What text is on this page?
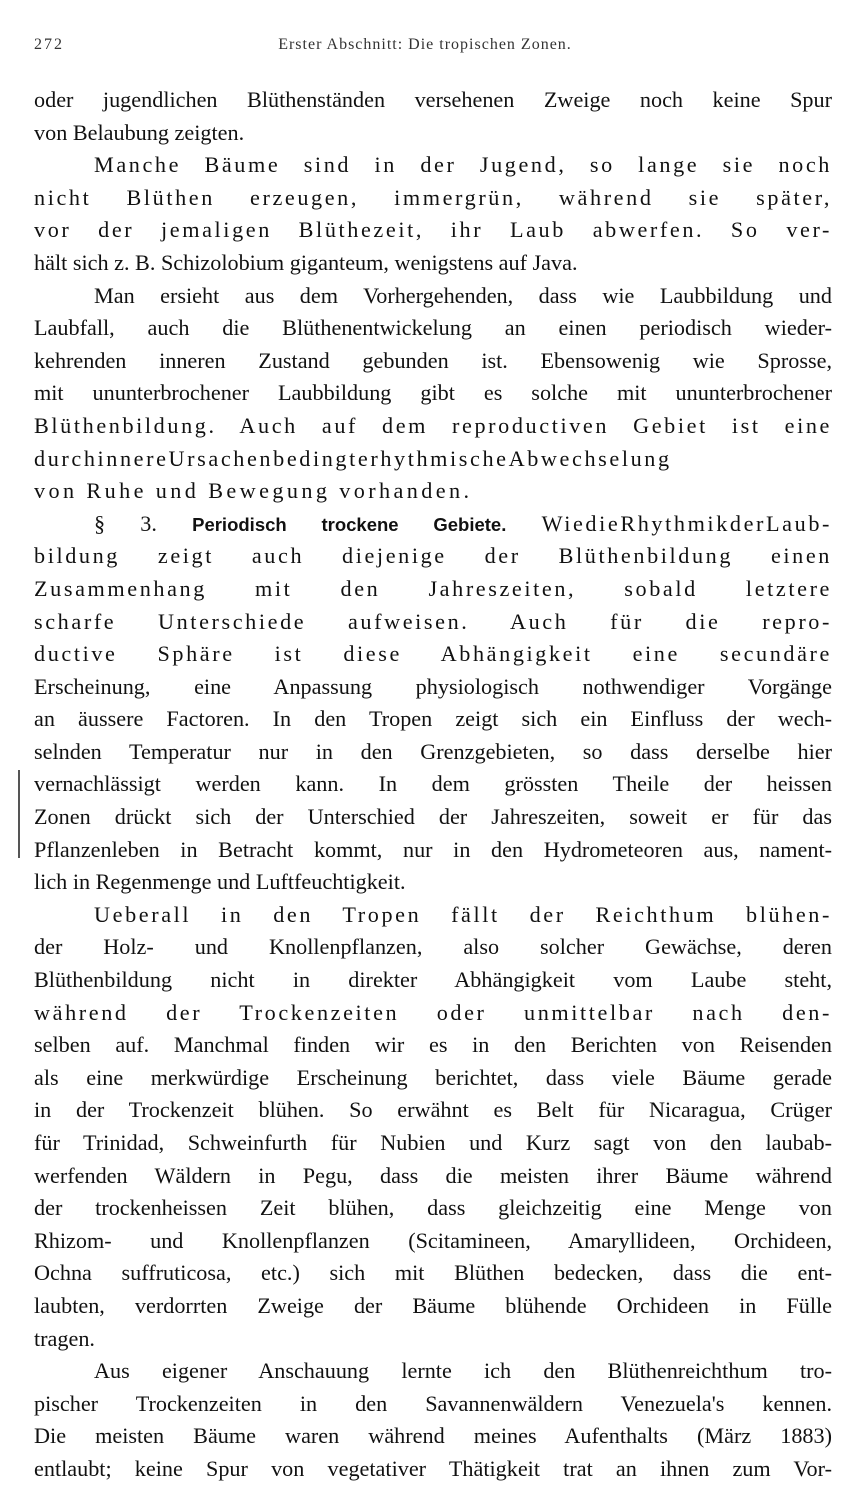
272	Erster Abschnitt: Die tropischen Zonen.
oder jugendlichen Blüthenständen versehenen Zweige noch keine Spur
von Belaubung zeigten.
Manche Bäume sind in der Jugend, so lange sie noch
nicht Blüthen erzeugen, immergrün, während sie später,
vor der jemaligen Blüthezeit, ihr Laub abwerfen. So ver-
hält sich z. B. Schizolobium giganteum, wenigstens auf Java.
Man ersieht aus dem Vorhergehenden, dass wie Laubbildung und
Laubfall, auch die Blüthenentwickelung an einen periodisch wieder-
kehrenden inneren Zustand gebunden ist. Ebensowenig wie Sprosse,
mit ununterbrochener Laubbildung gibt es solche mit ununterbrochener
Blüthenbildung. Auch auf dem reproductiven Gebiet ist eine
durchinnereUrsachenbedingterhythmischeAbwechselung
von Ruhe und Bewegung vorhanden.
§ 3. Periodisch trockene Gebiete. WiedieRhythmikderLaub-
bildung zeigt auch diejenige der Blüthenbildung einen
Zusammenhang mit den Jahreszeiten, sobald letztere
scharfe Unterschiede aufweisen. Auch für die repro-
ductive Sphäre ist diese Abhängigkeit eine secundäre
Erscheinung, eine Anpassung physiologisch nothwendiger Vorgänge
an äussere Factoren. In den Tropen zeigt sich ein Einfluss der wech-
selnden Temperatur nur in den Grenzgebieten, so dass derselbe hier
vernachlässigt werden kann. In dem grössten Theile der heissen
Zonen drückt sich der Unterschied der Jahreszeiten, soweit er für das
Pflanzenleben in Betracht kommt, nur in den Hydrometeoren aus, nament-
lich in Regenmenge und Luftfeuchtigkeit.
Ueberall in den Tropen fällt der Reichthum blühen-
der Holz- und Knollenpflanzen, also solcher Gewächse, deren
Blüthenbildung nicht in direkter Abhängigkeit vom Laube steht,
während der Trockenzeiten oder unmittelbar nach den-
selben auf. Manchmal finden wir es in den Berichten von Reisenden
als eine merkwürdige Erscheinung berichtet, dass viele Bäume gerade
in der Trockenzeit blühen. So erwähnt es Belt für Nicaragua, Crüger
für Trinidad, Schweinfurth für Nubien und Kurz sagt von den laubab-
werfenden Wäldern in Pegu, dass die meisten ihrer Bäume während
der trockenheissen Zeit blühen, dass gleichzeitig eine Menge von
Rhizom- und Knollenpflanzen (Scitamineen, Amaryllideen, Orchideen,
Ochna suffruticosa, etc.) sich mit Blüthen bedecken, dass die ent-
laubten, verdorrten Zweige der Bäume blühende Orchideen in Fülle
tragen.
Aus eigener Anschauung lernte ich den Blüthenreichthum tro-
pischer Trockenzeiten in den Savannenwäldern Venezuela's kennen.
Die meisten Bäume waren während meines Aufenthalts (März 1883)
entlaubt; keine Spur von vegetativer Thätigkeit trat an ihnen zum Vor-
